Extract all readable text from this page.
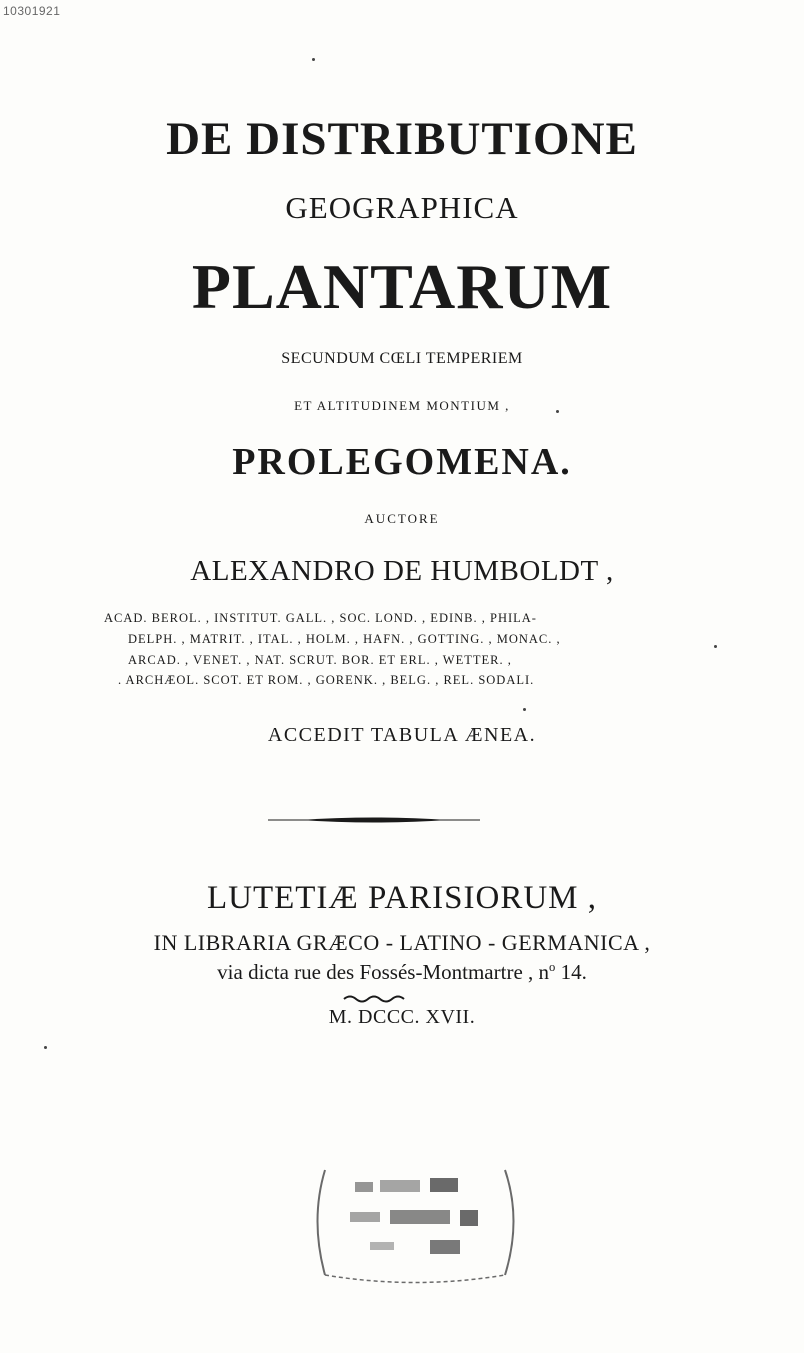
10301921
DE DISTRIBUTIONE
GEOGRAPHICA
PLANTARUM
SECUNDUM CŒLI TEMPERIEM
ET ALTITUDINEM MONTIUM ,
PROLEGOMENA.
AUCTORE
ALEXANDRO DE HUMBOLDT ,
ACAD. BEROL. , INSTITUT. GALL. , SOC. LOND. , EDINB. , PHILA-
DELPH. , MATRIT. , ITAL. , HOLM. , HAFN. , GOTTING. , MONAC. ,
ARCAD. , VENET. , NAT. SCRUT. BOR. ET ERL. , WETTER. ,
. ARCHÆOL. SCOT. ET ROM. , GORENK. , BELG. , REL. SODALI.
ACCEDIT TABULA ÆNEA.
LUTETIÆ PARISIORUM ,
IN LIBRARIA GRÆCO - LATINO - GERMANICA ,
via dicta rue des Fossés-Montmartre , $n^o$ 14.
M. DCCC. XVII.
